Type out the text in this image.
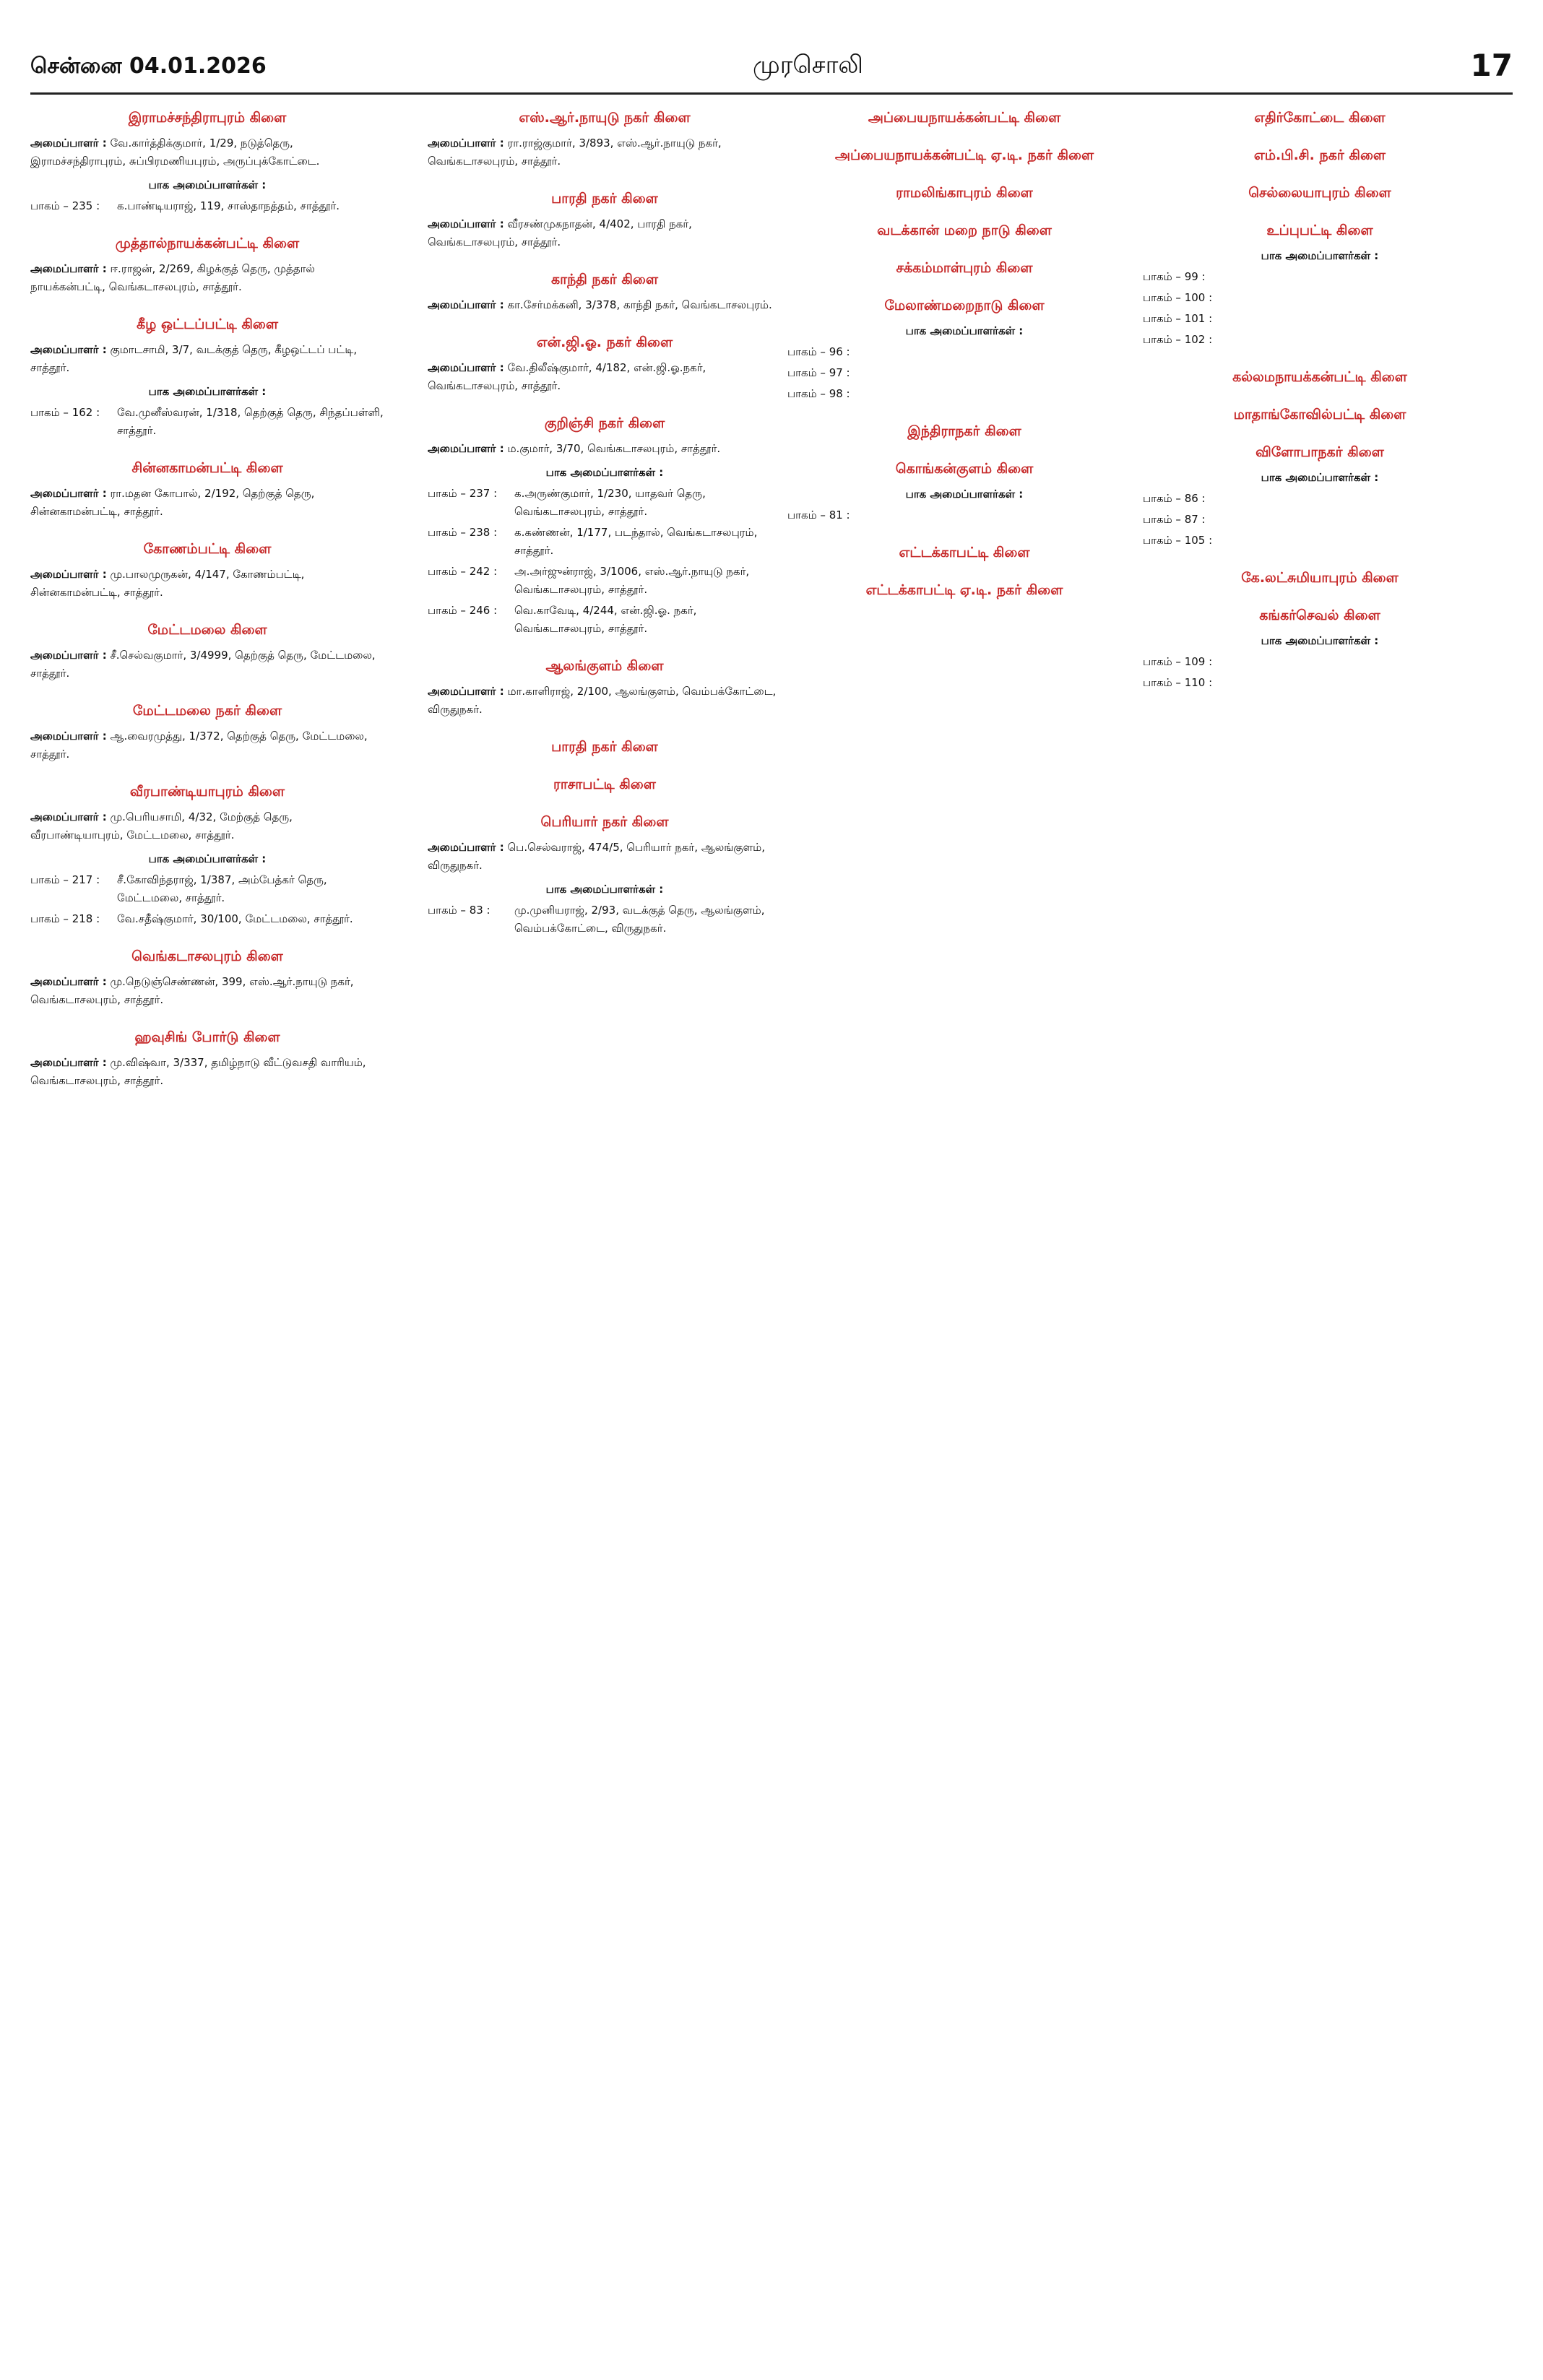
சென்னை 04.01.2026	முரசொலி	17
இராமச்சந்திராபுரம் கிளை
அமைப்பாளர் : வே.கார்த்திக்குமார், 1/29, நடுத்தெரு, இராமச்சந்திராபுரம், சுப்பிரமணியபுரம், அருப்புக்கோட்டை.
பாக அமைப்பாளர்கள் :
பாகம் – 235 :	க.பாண்டியராஜ், 119, சாஸ்தாநத்தம், சாத்தூர்.
முத்தால்நாயக்கன்பட்டி கிளை
அமைப்பாளர் : ஈ.ராஜன், 2/269, கிழக்குத் தெரு, முத்தால் நாயக்கன்பட்டி, வெங்கடாசலபுரம், சாத்தூர்.
கீழ ஒட்டப்பட்டி கிளை
அமைப்பாளர் : குமாடசாமி, 3/7, வடக்குத் தெரு, கீழஒட்டப் பட்டி, சாத்தூர்.
பாக அமைப்பாளர்கள் :
பாகம் – 162 :	வே.முனீஸ்வரன், 1/318, தெற்குத் தெரு, சிந்தப்பள்ளி, சாத்தூர்.
சின்னகாமன்பட்டி கிளை
அமைப்பாளர் : ரா.மதன கோபால், 2/192, தெற்குத் தெரு, சின்னகாமன்பட்டி, சாத்தூர்.
கோணம்பட்டி கிளை
அமைப்பாளர் : மு.பாலமுருகன், 4/147, கோணம்பட்டி, சின்னகாமன்பட்டி, சாத்தூர்.
மேட்டமலை கிளை
அமைப்பாளர் : சீ.செல்வகுமார், 3/4999, தெற்குத் தெரு, மேட்டமலை, சாத்தூர்.
மேட்டமலை நகர் கிளை
அமைப்பாளர் : ஆ.வைரமுத்து, 1/372, தெற்குத் தெரு, மேட்டமலை, சாத்தூர்.
வீரபாண்டியாபுரம் கிளை
அமைப்பாளர் : மு.பெரியசாமி, 4/32, மேற்குத் தெரு, வீரபாண்டியாபுரம், மேட்டமலை, சாத்தூர்.
பாக அமைப்பாளர்கள் :
பாகம் – 217 :	சீ.கோவிந்தராஜ், 1/387, அம்பேத்கர் தெரு, மேட்டமலை, சாத்தூர்.
பாகம் – 218 :	வே.சதீஷ்குமார், 30/100, மேட்டமலை, சாத்தூர்.
வெங்கடாசலபுரம் கிளை
அமைப்பாளர் : மு.நெடுஞ்செண்ணன், 399, எஸ்.ஆர்.நாயுடு நகர், வெங்கடாசலபுரம், சாத்தூர்.
ஹவுசிங் போர்டு கிளை
அமைப்பாளர் : மு.விஷ்வா, 3/337, தமிழ்நாடு வீட்டுவசதி வாரியம், வெங்கடாசலபுரம், சாத்தூர்.
எஸ்.ஆர்.நாயுடு நகர் கிளை
அமைப்பாளர் : ரா.ராஜ்குமார், 3/893, எஸ்.ஆர்.நாயுடு நகர், வெங்கடாசலபுரம், சாத்தூர்.
பாரதி நகர் கிளை
அமைப்பாளர் : வீரசண்முகநாதன், 4/402, பாரதி நகர், வெங்கடாசலபுரம், சாத்தூர்.
காந்தி நகர் கிளை
அமைப்பாளர் : கா.சேர்மக்கனி, 3/378, காந்தி நகர், வெங்கடாசலபுரம்.
என்.ஜி.ஓ. நகர் கிளை
அமைப்பாளர் : வே.திலீஷ்குமார், 4/182, என்.ஜி.ஓ.நகர், வெங்கடாசலபுரம், சாத்தூர்.
குறிஞ்சி நகர் கிளை
அமைப்பாளர் : ம.குமார், 3/70, வெங்கடாசலபுரம், சாத்தூர்.
பாக அமைப்பாளர்கள் :
பாகம் – 237 :	க.அருண்குமார், 1/230, யாதவர் தெரு, வெங்கடாசலபுரம், சாத்தூர்.
பாகம் – 238 :	க.கண்ணன், 1/177, படந்தால், வெங்கடாசலபுரம், சாத்தூர்.
பாகம் – 242 :	அ.அர்ஜுன்ராஜ், 3/1006, எஸ்.ஆர்.நாயுடு நகர், வெங்கடாசலபுரம், சாத்தூர்.
பாகம் – 246 :	வெ.காவேடி, 4/244, என்.ஜி.ஓ. நகர், வெங்கடாசலபுரம், சாத்தூர்.
ஆலங்குளம் கிளை
அமைப்பாளர் : மா.காளிராஜ், 2/100, ஆலங்குளம், வெம்பக்கோட்டை, விருதுநகர்.
பாரதி நகர் கிளை
ராசாபட்டி கிளை
பெரியார் நகர் கிளை
அமைப்பாளர் : பெ.செல்வராஜ், 474/5, பெரியார் நகர், ஆலங்குளம், விருதுநகர்.
பாக அமைப்பாளர்கள் :
பாகம் – 83 :	மு.முனியராஜ், 2/93, வடக்குத் தெரு, ஆலங்குளம், வெம்பக்கோட்டை, விருதுநகர்.
அப்பையநாயக்கன்பட்டி கிளை
அப்பையநாயக்கன்பட்டி ஏ.டி. நகர் கிளை
ராமலிங்காபுரம் கிளை
வடக்கான் மறை நாடு கிளை
சக்கம்மாள்புரம் கிளை
மேலாண்மறைநாடு கிளை
பாக அமைப்பாளர்கள் :
பாகம் – 96 :
பாகம் – 97 :
பாகம் – 98 :
இந்திராநகர் கிளை
கொங்கன்குளம் கிளை
பாக அமைப்பாளர்கள் :
பாகம் – 81 :
எட்டக்காபட்டி கிளை
எட்டக்காபட்டி ஏ.டி. நகர் கிளை
எதிர்கோட்டை கிளை
எம்.பி.சி. நகர் கிளை
செல்லையாபுரம் கிளை
உப்புபட்டி கிளை
பாக அமைப்பாளர்கள் :
பாகம் – 99 :
பாகம் – 100 :
பாகம் – 101 :
பாகம் – 102 :
கல்லமநாயக்கன்பட்டி கிளை
மாதாங்கோவில்பட்டி கிளை
விளோபாநகர் கிளை
பாக அமைப்பாளர்கள் :
பாகம் – 86 :
பாகம் – 87 :
பாகம் – 105 :
கே.லட்சுமியாபுரம் கிளை
கங்கர்செவல் கிளை
பாக அமைப்பாளர்கள் :
பாகம் – 109 :
பாகம் – 110 :
